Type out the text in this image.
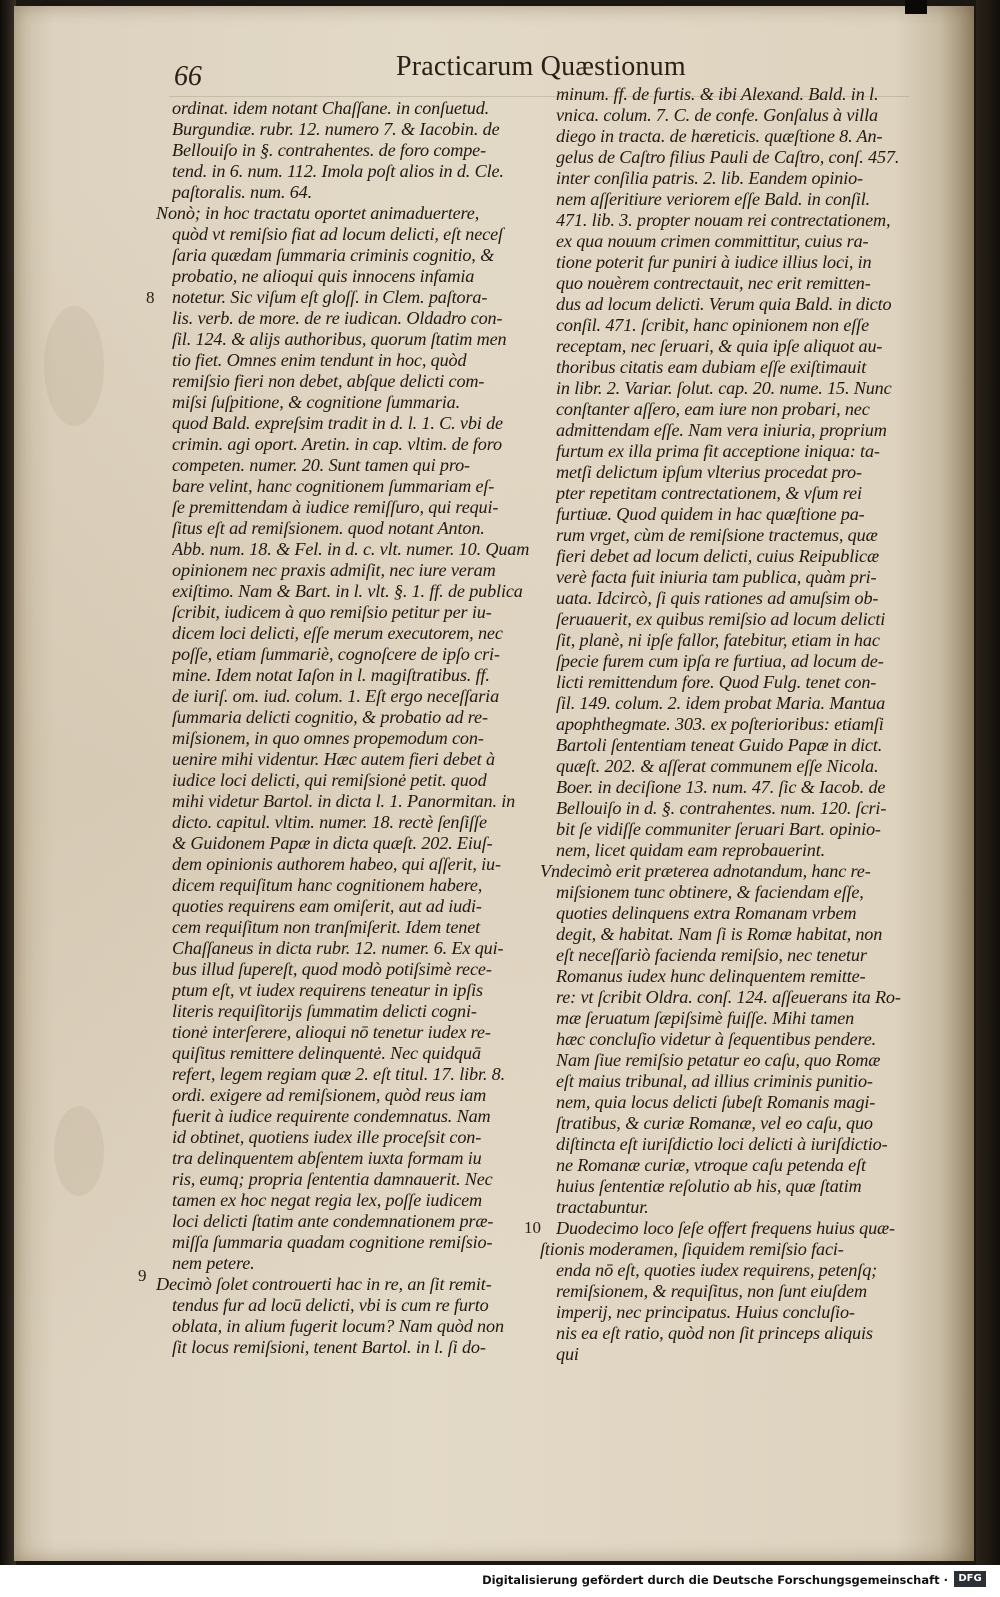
66	Practicarum Quæstionum
ordinat. idem notant Chaſſane. in conſuetud.
Burgundiæ. rubr. 12. numero 7. & Iacobin. de
Bellouiſo in §. contrahentes. de foro compe-
tend. in 6. num. 112. Imola poſt alios in d. Cle.
paſtoralis. num. 64.
Nonò; in hoc tractatu oportet animaduertere,
quòd vt remiſsio fiat ad locum delicti, eſt neceſ
ſaria quædam ſummaria criminis cognitio, &
probatio, ne alioqui quis innocens infamia
notetur. Sic viſum eſt gloſſ. in Clem. paſtora-
lis. verb. de more. de re iudican. Oldadro con-
ſil. 124. & alijs authoribus, quorum ſtatim men
tio fiet. Omnes enim tendunt in hoc, quòd
remiſsio fieri non debet, abſque delicti com-
miſsi ſuſpitione, & cognitione ſummaria.
quod Bald. expreſsim tradit in d. l. 1. C. vbi de
crimin. agi oport. Aretin. in cap. vltim. de foro
competen. numer. 20. Sunt tamen qui pro-
bare velint, hanc cognitionem ſummariam eſ-
ſe premittendam à iudice remiſſuro, qui requi-
ſitus eſt ad remiſsionem. quod notant Anton.
Abb. num. 18. & Fel. in d. c. vlt. numer. 10. Quam
opinionem nec praxis admiſit, nec iure veram
exiſtimo. Nam & Bart. in l. vlt. §. 1. ff. de publica
ſcribit, iudicem à quo remiſsio petitur per iu-
dicem loci delicti, eſſe merum executorem, nec
poſſe, etiam ſummariè, cognoſcere de ipſo cri-
mine. Idem notat Iaſon in l. magiſtratibus. ff.
de iuriſ. om. iud. colum. 1. Eſt ergo neceſſaria
ſummaria delicti cognitio, & probatio ad re-
miſsionem, in quo omnes propemodum con-
uenire mihi videntur. Hæc autem fieri debet à
iudice loci delicti, qui remiſsionė petit. quod
mihi videtur Bartol. in dicta l. 1. Panormitan. in
dicto. capitul. vltim. numer. 18. rectè ſenſiſſe
& Guidonem Papæ in dicta quæſt. 202. Eiuſ-
dem opinionis authorem habeo, qui aſſerit, iu-
dicem requiſitum hanc cognitionem habere,
quoties requirens eam omiſerit, aut ad iudi-
cem requiſitum non tranſmiſerit. Idem tenet
Chaſſaneus in dicta rubr. 12. numer. 6. Ex qui-
bus illud ſupereſt, quod modò potiſsimè rece-
ptum eſt, vt iudex requirens teneatur in ipſis
literis requiſitorijs ſummatim delicti cogni-
tionė interſerere, alioqui nō tenetur iudex re-
quiſitus remittere delinquentė. Nec quidquā
refert, legem regiam quæ 2. eſt titul. 17. libr. 8.
ordi. exigere ad remiſsionem, quòd reus iam
fuerit à iudice requirente condemnatus. Nam
id obtinet, quotiens iudex ille proceſsit con-
tra delinquentem abſentem iuxta formam iu
ris, eumq; propria ſententia damnauerit. Nec
tamen ex hoc negat regia lex, poſſe iudicem
loci delicti ſtatim ante condemnationem præ-
miſſa ſummaria quadam cognitione remiſsio-
nem petere.
Decimò ſolet controuerti hac in re, an ſit remit-
tendus fur ad locū delicti, vbi is cum re furto
oblata, in alium fugerit locum? Nam quòd non
ſit locus remiſsioni, tenent Bartol. in l. ſi do-
minum. ff. de furtis. & ibi Alexand. Bald. in l.
vnica. colum. 7. C. de confe. Gonſalus à villa
diego in tracta. de hæreticis. quæſtione 8. An-
gelus de Caſtro filius Pauli de Caſtro, conſ. 457.
inter conſilia patris. 2. lib. Eandem opinio-
nem aſſeritiure veriorem eſſe Bald. in conſil.
471. lib. 3. propter nouam rei contrectationem,
ex qua nouum crimen committitur, cuius ra-
tione poterit fur puniri à iudice illius loci, in
quo nouèrem contrectauit, nec erit remitten-
dus ad locum delicti. Verum quia Bald. in dicto
conſil. 471. ſcribit, hanc opinionem non eſſe
receptam, nec ſeruari, & quia ipſe aliquot au-
thoribus citatis eam dubiam eſſe exiſtimauit
in libr. 2. Variar. ſolut. cap. 20. nume. 15. Nunc
conſtanter aſſero, eam iure non probari, nec
admittendam eſſe. Nam vera iniuria, proprium
furtum ex illa prima fit acceptione iniqua: ta-
metſi delictum ipſum vlterius procedat pro-
pter repetitam contrectationem, & vſum rei
furtiuæ. Quod quidem in hac quæſtione pa-
rum vrget, cùm de remiſsione tractemus, quæ
fieri debet ad locum delicti, cuius Reipublicæ
verè facta fuit iniuria tam publica, quàm pri-
uata. Idcircò, ſi quis rationes ad amuſsim ob-
ſeruauerit, ex quibus remiſsio ad locum delicti
ſit, planè, ni ipſe fallor, fatebitur, etiam in hac
ſpecie furem cum ipſa re furtiua, ad locum de-
licti remittendum fore. Quod Fulg. tenet con-
ſil. 149. colum. 2. idem probat Maria. Mantua
apophthegmate. 303. ex poſterioribus: etiamſi
Bartoli ſententiam teneat Guido Papæ in dict.
quæſt. 202. & aſſerat communem eſſe Nicola.
Boer. in deciſione 13. num. 47. ſic & Iacob. de
Bellouiſo in d. §. contrahentes. num. 120. ſcri-
bit ſe vidiſſe communiter ſeruari Bart. opinio-
nem, licet quidam eam reprobauerint.
Vndecimò erit præterea adnotandum, hanc re-
miſsionem tunc obtinere, & faciendam eſſe,
quoties delinquens extra Romanam vrbem
degit, & habitat. Nam ſi is Romæ habitat, non
eſt neceſſariò facienda remiſsio, nec tenetur
Romanus iudex hunc delinquentem remitte-
re: vt ſcribit Oldra. conſ. 124. aſſeuerans ita Ro-
mæ ſeruatum ſæpiſsimè fuiſſe. Mihi tamen
hæc concluſio videtur à ſequentibus pendere.
Nam ſiue remiſsio petatur eo caſu, quo Romæ
eſt maius tribunal, ad illius criminis punitio-
nem, quia locus delicti ſubeſt Romanis magi-
ſtratibus, & curiæ Romanæ, vel eo caſu, quo
diſtincta eſt iuriſdictio loci delicti à iuriſdictio-
ne Romanæ curiæ, vtroque caſu petenda eſt
huius ſententiæ reſolutio ab his, quæ ſtatim
tractabuntur.
Duodecimo loco ſeſe offert frequens huius quæ-
ſtionis moderamen, ſiquidem remiſsio faci-
enda nō eſt, quoties iudex requirens, petenſq;
remiſsionem, & requiſitus, non ſunt eiuſdem
imperij, nec principatus. Huius concluſio-
nis ea eſt ratio, quòd non ſit princeps aliquis
qui
8
9
10
Digitalisierung gefördert durch die Deutsche Forschungsgemeinschaft ·	DFG
